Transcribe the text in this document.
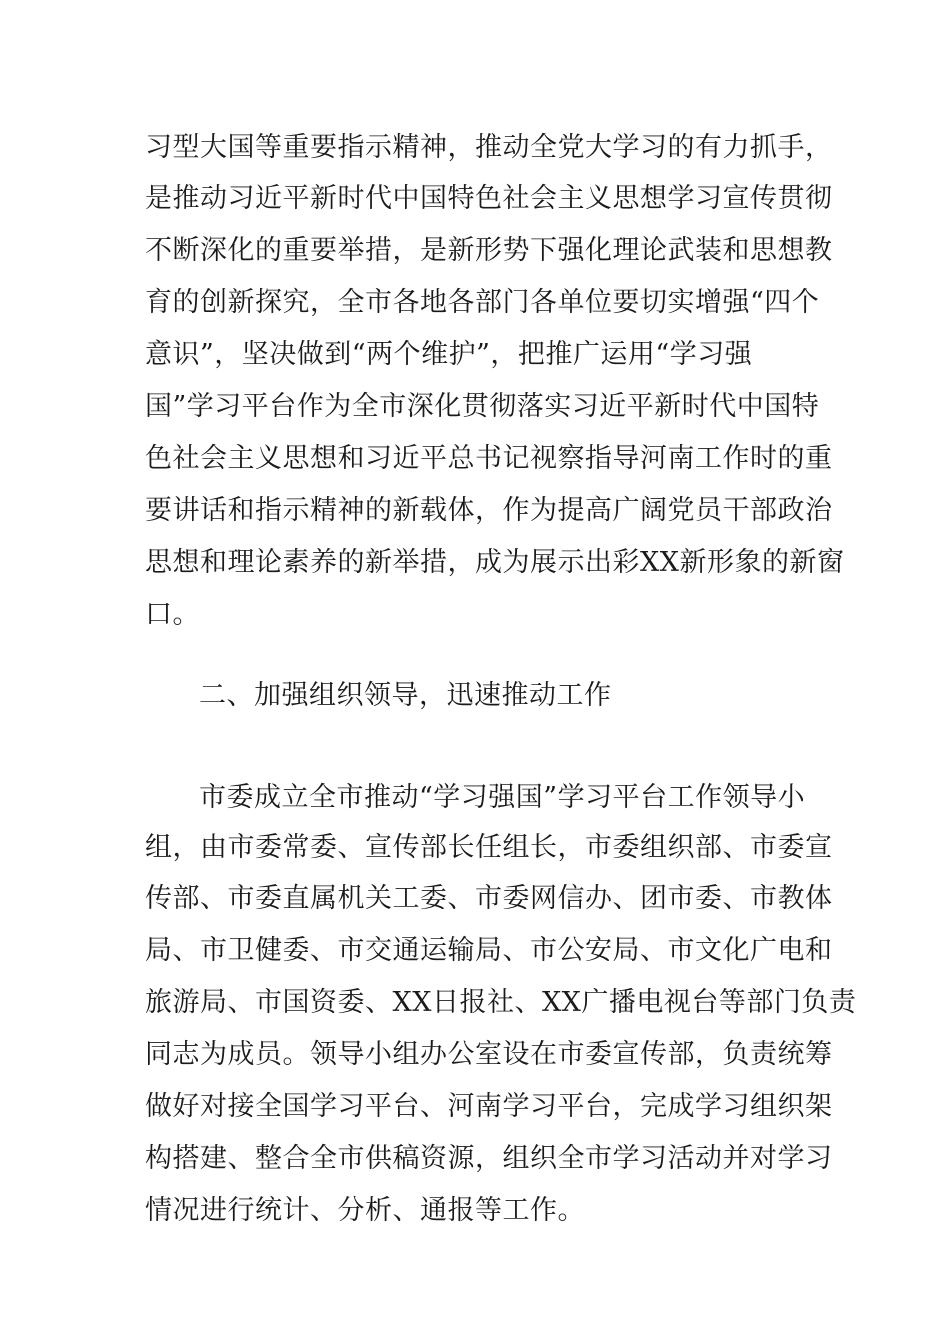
习型大国等重要指示精神，推动全党大学习的有力抓手，
是推动习近平新时代中国特色社会主义思想学习宣传贯彻
不断深化的重要举措，是新形势下强化理论武装和思想教
育的创新探究，全市各地各部门各单位要切实增强“四个
意识”，坚决做到“两个维护”，把推广运用“学习强
国”学习平台作为全市深化贯彻落实习近平新时代中国特
色社会主义思想和习近平总书记视察指导河南工作时的重
要讲话和指示精神的新载体，作为提高广阔党员干部政治
思想和理论素养的新举措，成为展示出彩XX新形象的新窗
口。
二、加强组织领导，迅速推动工作
市委成立全市推动“学习强国”学习平台工作领导小
组，由市委常委、宣传部长任组长，市委组织部、市委宣
传部、市委直属机关工委、市委网信办、团市委、市教体
局、市卫健委、市交通运输局、市公安局、市文化广电和
旅游局、市国资委、XX日报社、XX广播电视台等部门负责
同志为成员。领导小组办公室设在市委宣传部，负责统筹
做好对接全国学习平台、河南学习平台，完成学习组织架
构搭建、整合全市供稿资源，组织全市学习活动并对学习
情况进行统计、分析、通报等工作。
